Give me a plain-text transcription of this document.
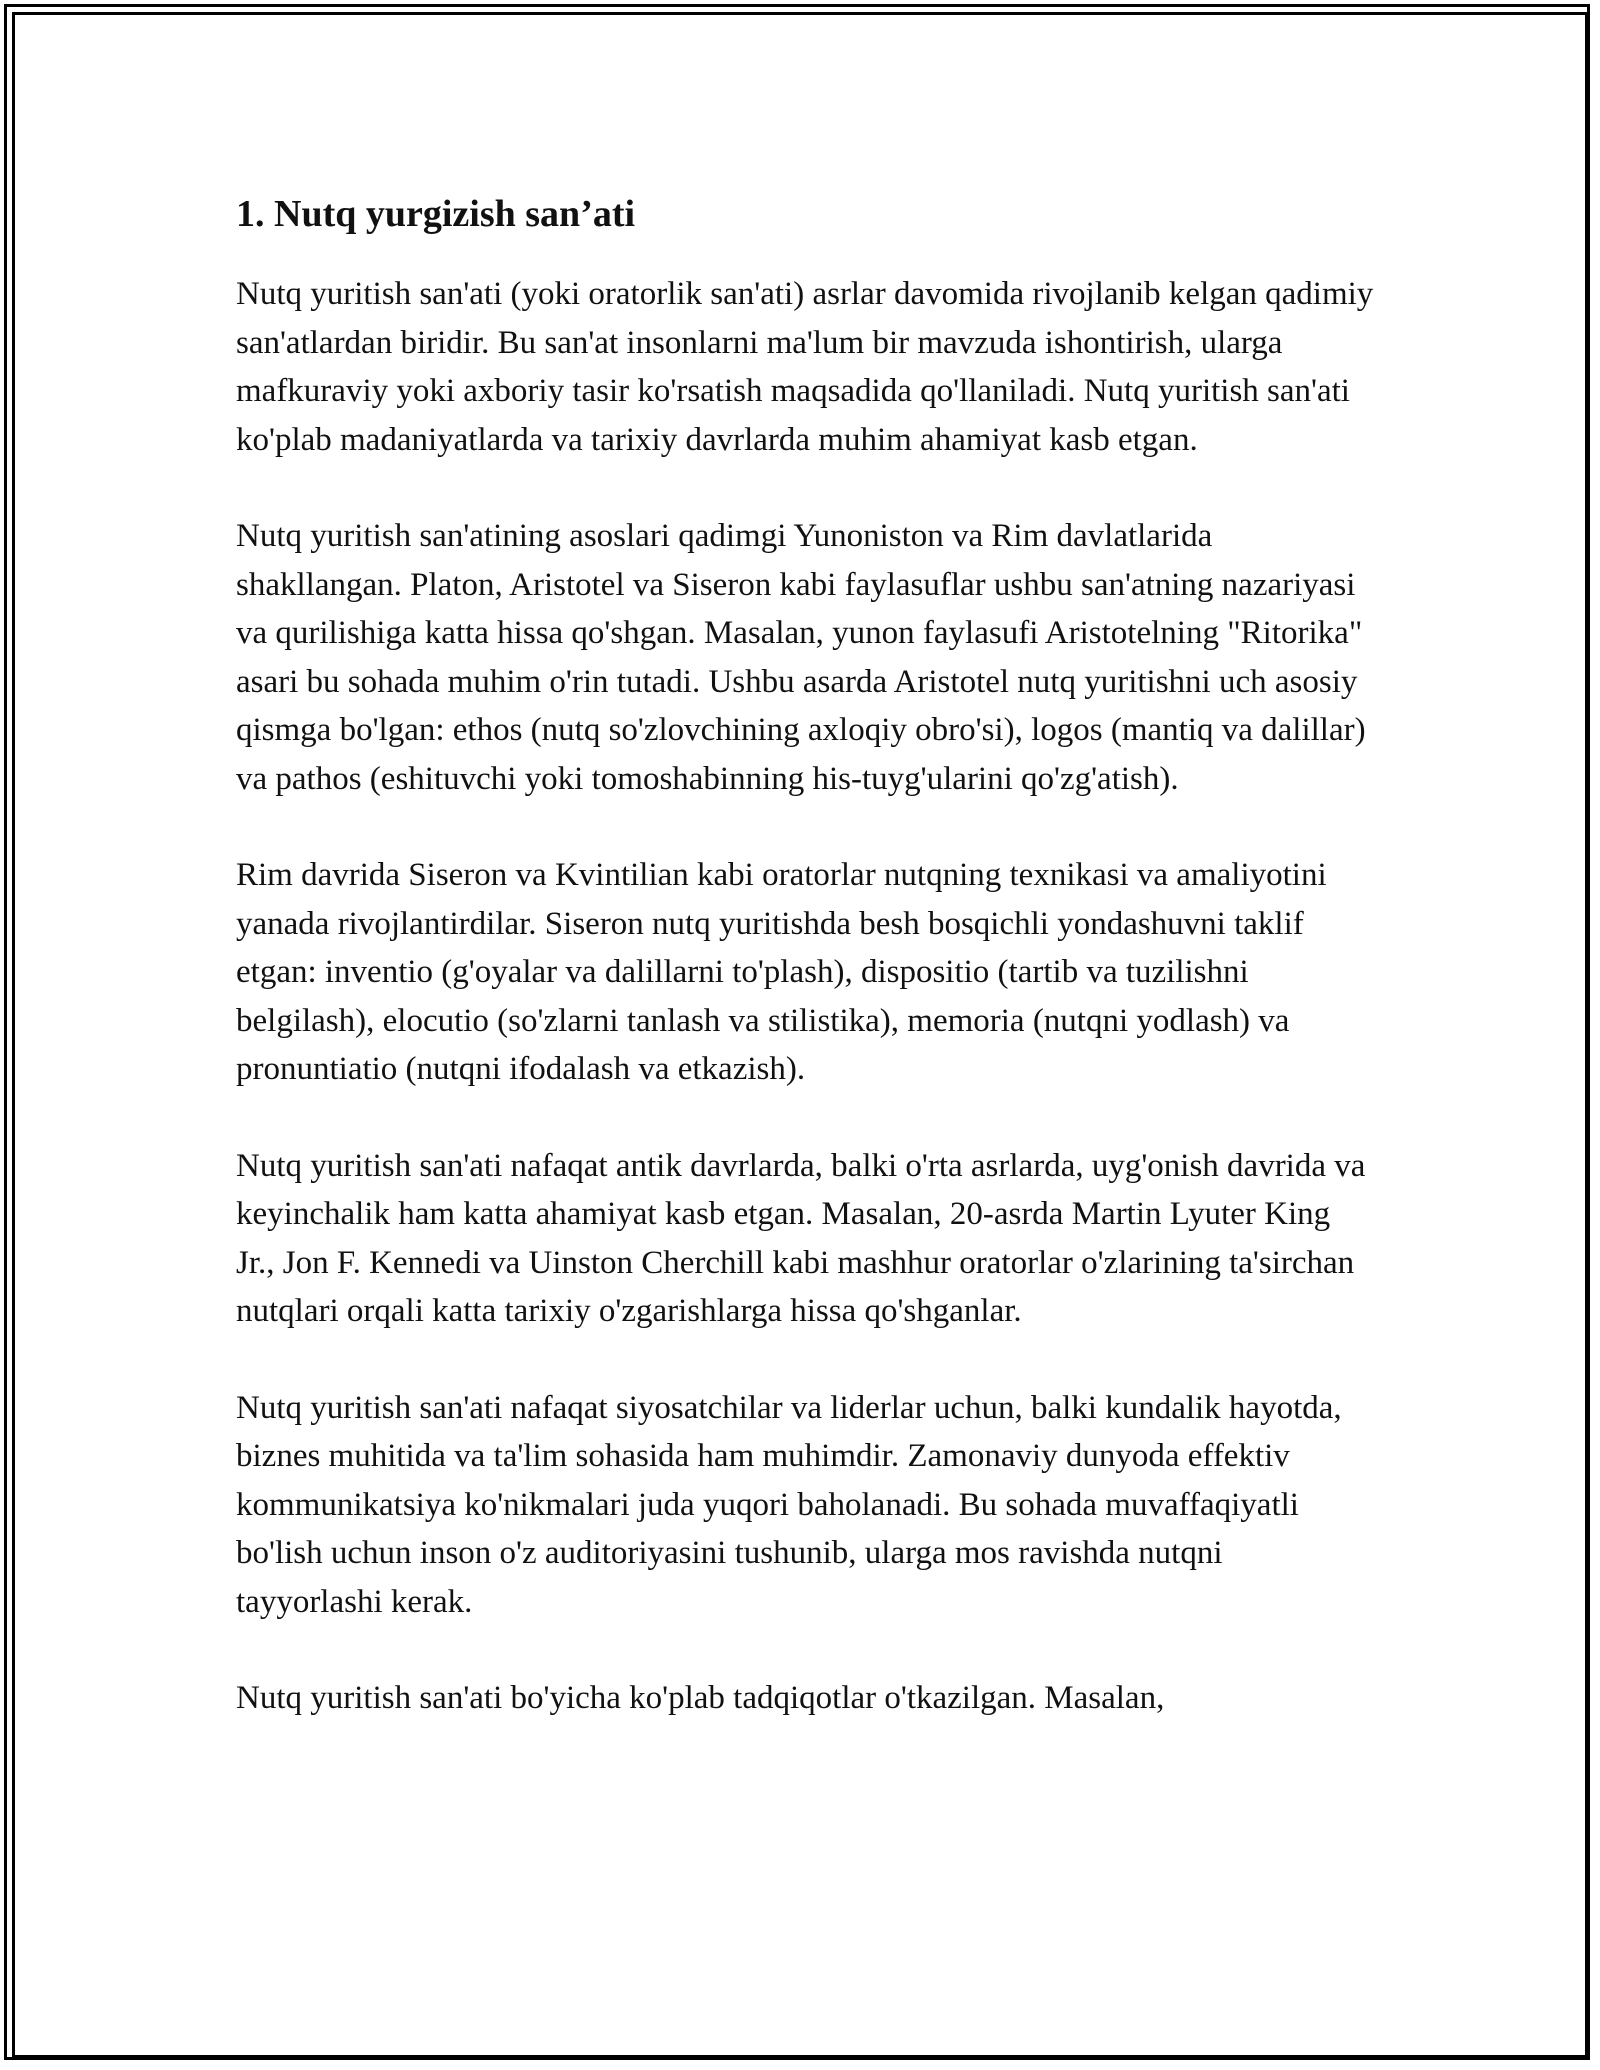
1. Nutq yurgizish san’ati

Nutq yuritish san'ati (yoki oratorlik san'ati) asrlar davomida rivojlanib kelgan qadimiy san'atlardan biridir. Bu san'at insonlarni ma'lum bir mavzuda ishontirish, ularga mafkuraviy yoki axboriy tasir ko'rsatish maqsadida qo'llaniladi. Nutq yuritish san'ati ko'plab madaniyatlarda va tarixiy davrlarda muhim ahamiyat kasb etgan.

Nutq yuritish san'atining asoslari qadimgi Yunoniston va Rim davlatlarida shakllangan. Platon, Aristotel va Siseron kabi faylasuflar ushbu san'atning nazariyasi va qurilishiga katta hissa qo'shgan. Masalan, yunon faylasufi Aristotelning "Ritorika" asari bu sohada muhim o'rin tutadi. Ushbu asarda Aristotel nutq yuritishni uch asosiy qismga bo'lgan: ethos (nutq so'zlovchining axloqiy obro'si), logos (mantiq va dalillar) va pathos (eshituvchi yoki tomoshabinning his-tuyg'ularini qo'zg'atish).

Rim davrida Siseron va Kvintilian kabi oratorlar nutqning texnikasi va amaliyotini yanada rivojlantirdilar. Siseron nutq yuritishda besh bosqichli yondashuvni taklif etgan: inventio (g'oyalar va dalillarni to'plash), dispositio (tartib va tuzilishni belgilash), elocutio (so'zlarni tanlash va stilistika), memoria (nutqni yodlash) va pronuntiatio (nutqni ifodalash va etkazish).

Nutq yuritish san'ati nafaqat antik davrlarda, balki o'rta asrlarda, uyg'onish davrida va keyinchalik ham katta ahamiyat kasb etgan. Masalan, 20-asrda Martin Lyuter King Jr., Jon F. Kennedi va Uinston Cherchill kabi mashhur oratorlar o'zlarining ta'sirchan nutqlari orqali katta tarixiy o'zgarishlarga hissa qo'shganlar.

Nutq yuritish san'ati nafaqat siyosatchilar va liderlar uchun, balki kundalik hayotda, biznes muhitida va ta'lim sohasida ham muhimdir. Zamonaviy dunyoda effektiv kommunikatsiya ko'nikmalari juda yuqori baholanadi. Bu sohada muvaffaqiyatli bo'lish uchun inson o'z auditoriyasini tushunib, ularga mos ravishda nutqni tayyorlashi kerak.

Nutq yuritish san'ati bo'yicha ko'plab tadqiqotlar o'tkazilgan. Masalan,
